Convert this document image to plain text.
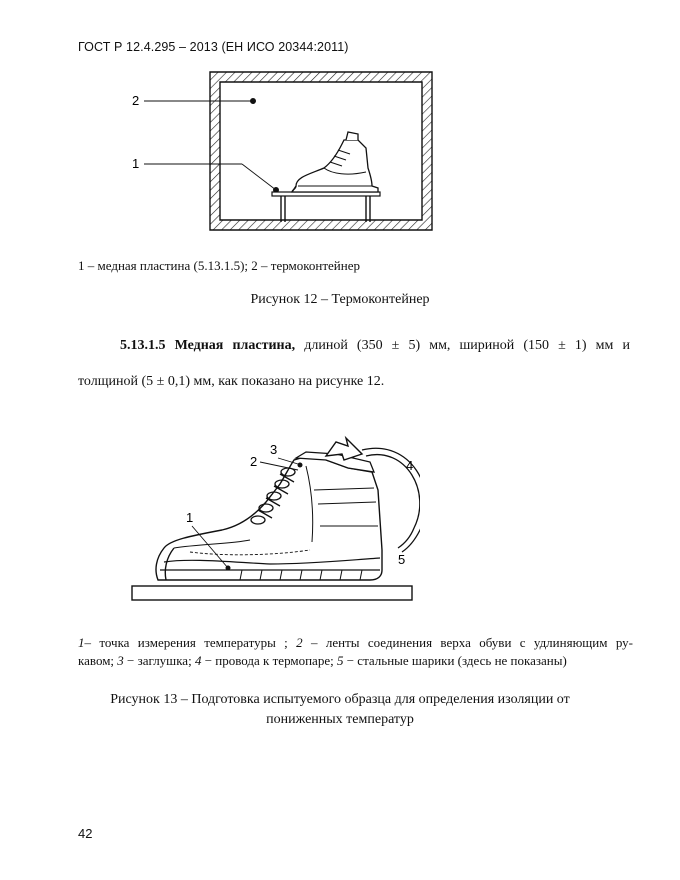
ГОСТ Р 12.4.295 – 2013 (ЕН ИСО 20344:2011)
2
1
1 – медная пластина (5.13.1.5); 2 – термоконтейнер
Рисунок 12 – Термоконтейнер
5.13.1.5 Медная пластина, длиной (350 ± 5) мм, шириной (150 ± 1) мм и
толщиной (5 ± 0,1) мм, как показано на рисунке 12.
3
2	4
5
1
1– точка измерения температуры ; 2 – ленты соединения верха обуви с удлиняющим ру-
кавом; 3 − заглушка; 4 − провода к термопаре; 5 − стальные шарики (здесь не показаны)
Рисунок 13 – Подготовка испытуемого образца для определения изоляции от
пониженных температур
42
